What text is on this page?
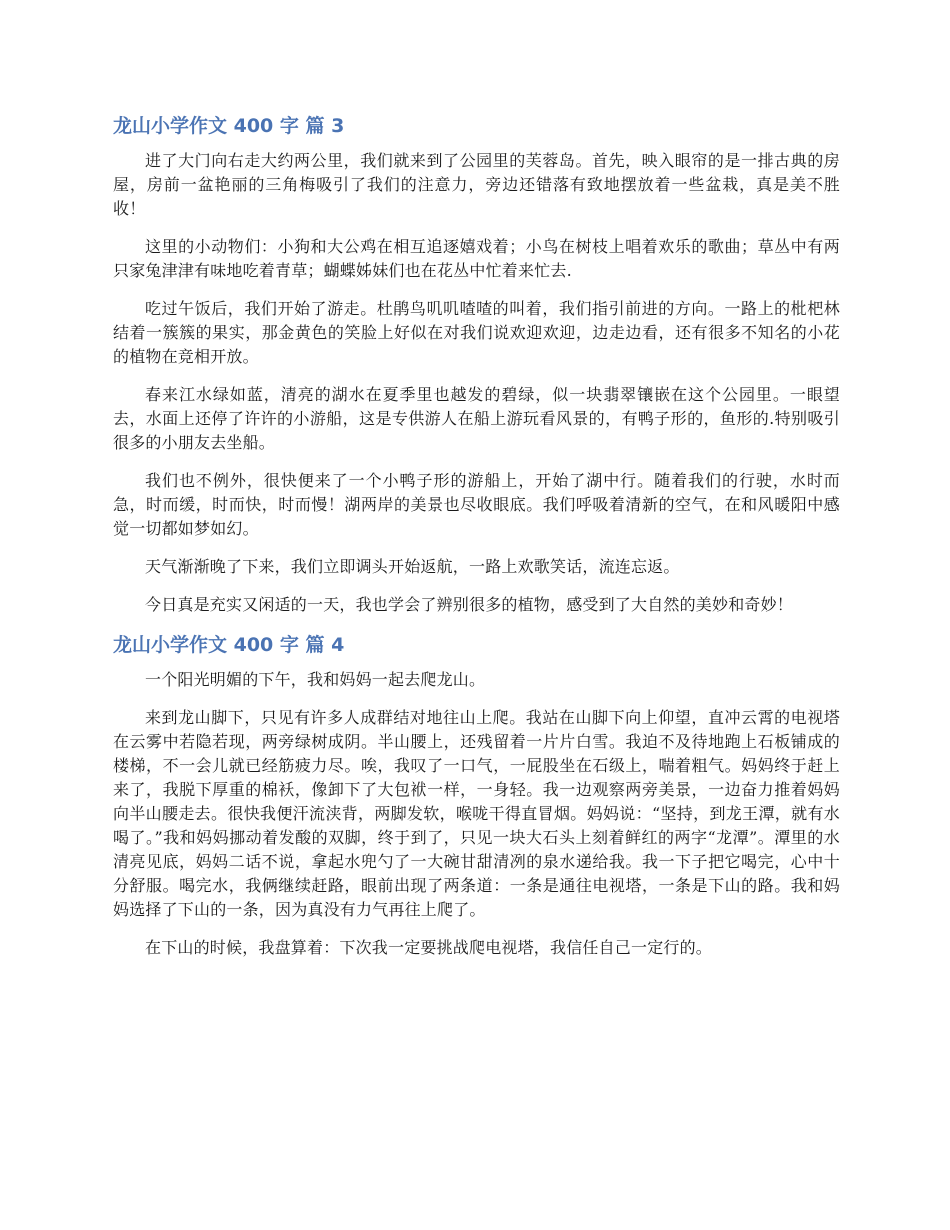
龙山小学作文 400 字 篇 3

进了大门向右走大约两公里，我们就来到了公园里的芙蓉岛。首先，映入眼帘的是一排古典的房屋，房前一盆艳丽的三角梅吸引了我们的注意力，旁边还错落有致地摆放着一些盆栽，真是美不胜收！

这里的小动物们：小狗和大公鸡在相互追逐嬉戏着；小鸟在树枝上唱着欢乐的歌曲；草丛中有两只家兔津津有味地吃着青草；蝴蝶姊妹们也在花丛中忙着来忙去.

吃过午饭后，我们开始了游走。杜鹃鸟叽叽喳喳的叫着，我们指引前进的方向。一路上的枇杷林结着一簇簇的果实，那金黄色的笑脸上好似在对我们说欢迎欢迎，边走边看，还有很多不知名的小花的植物在竞相开放。

春来江水绿如蓝，清亮的湖水在夏季里也越发的碧绿，似一块翡翠镶嵌在这个公园里。一眼望去，水面上还停了许许的小游船，这是专供游人在船上游玩看风景的，有鸭子形的，鱼形的.特别吸引很多的小朋友去坐船。

我们也不例外，很快便来了一个小鸭子形的游船上，开始了湖中行。随着我们的行驶，水时而急，时而缓，时而快，时而慢！湖两岸的美景也尽收眼底。我们呼吸着清新的空气，在和风暖阳中感觉一切都如梦如幻。

天气渐渐晚了下来，我们立即调头开始返航，一路上欢歌笑话，流连忘返。

今日真是充实又闲适的一天，我也学会了辨别很多的植物，感受到了大自然的美妙和奇妙！

龙山小学作文 400 字 篇 4

一个阳光明媚的下午，我和妈妈一起去爬龙山。

来到龙山脚下，只见有许多人成群结对地往山上爬。我站在山脚下向上仰望，直冲云霄的电视塔在云雾中若隐若现，两旁绿树成阴。半山腰上，还残留着一片片白雪。我迫不及待地跑上石板铺成的楼梯，不一会儿就已经筋疲力尽。唉，我叹了一口气，一屁股坐在石级上，喘着粗气。妈妈终于赶上来了，我脱下厚重的棉袄，像卸下了大包袱一样，一身轻。我一边观察两旁美景，一边奋力推着妈妈向半山腰走去。很快我便汗流浃背，两脚发软，喉咙干得直冒烟。妈妈说：“坚持，到龙王潭，就有水喝了。”我和妈妈挪动着发酸的双脚，终于到了，只见一块大石头上刻着鲜红的两字“龙潭”。潭里的水清亮见底，妈妈二话不说，拿起水兜勺了一大碗甘甜清冽的泉水递给我。我一下子把它喝完，心中十分舒服。喝完水，我俩继续赶路，眼前出现了两条道：一条是通往电视塔，一条是下山的路。我和妈妈选择了下山的一条，因为真没有力气再往上爬了。

在下山的时候，我盘算着：下次我一定要挑战爬电视塔，我信任自己一定行的。
